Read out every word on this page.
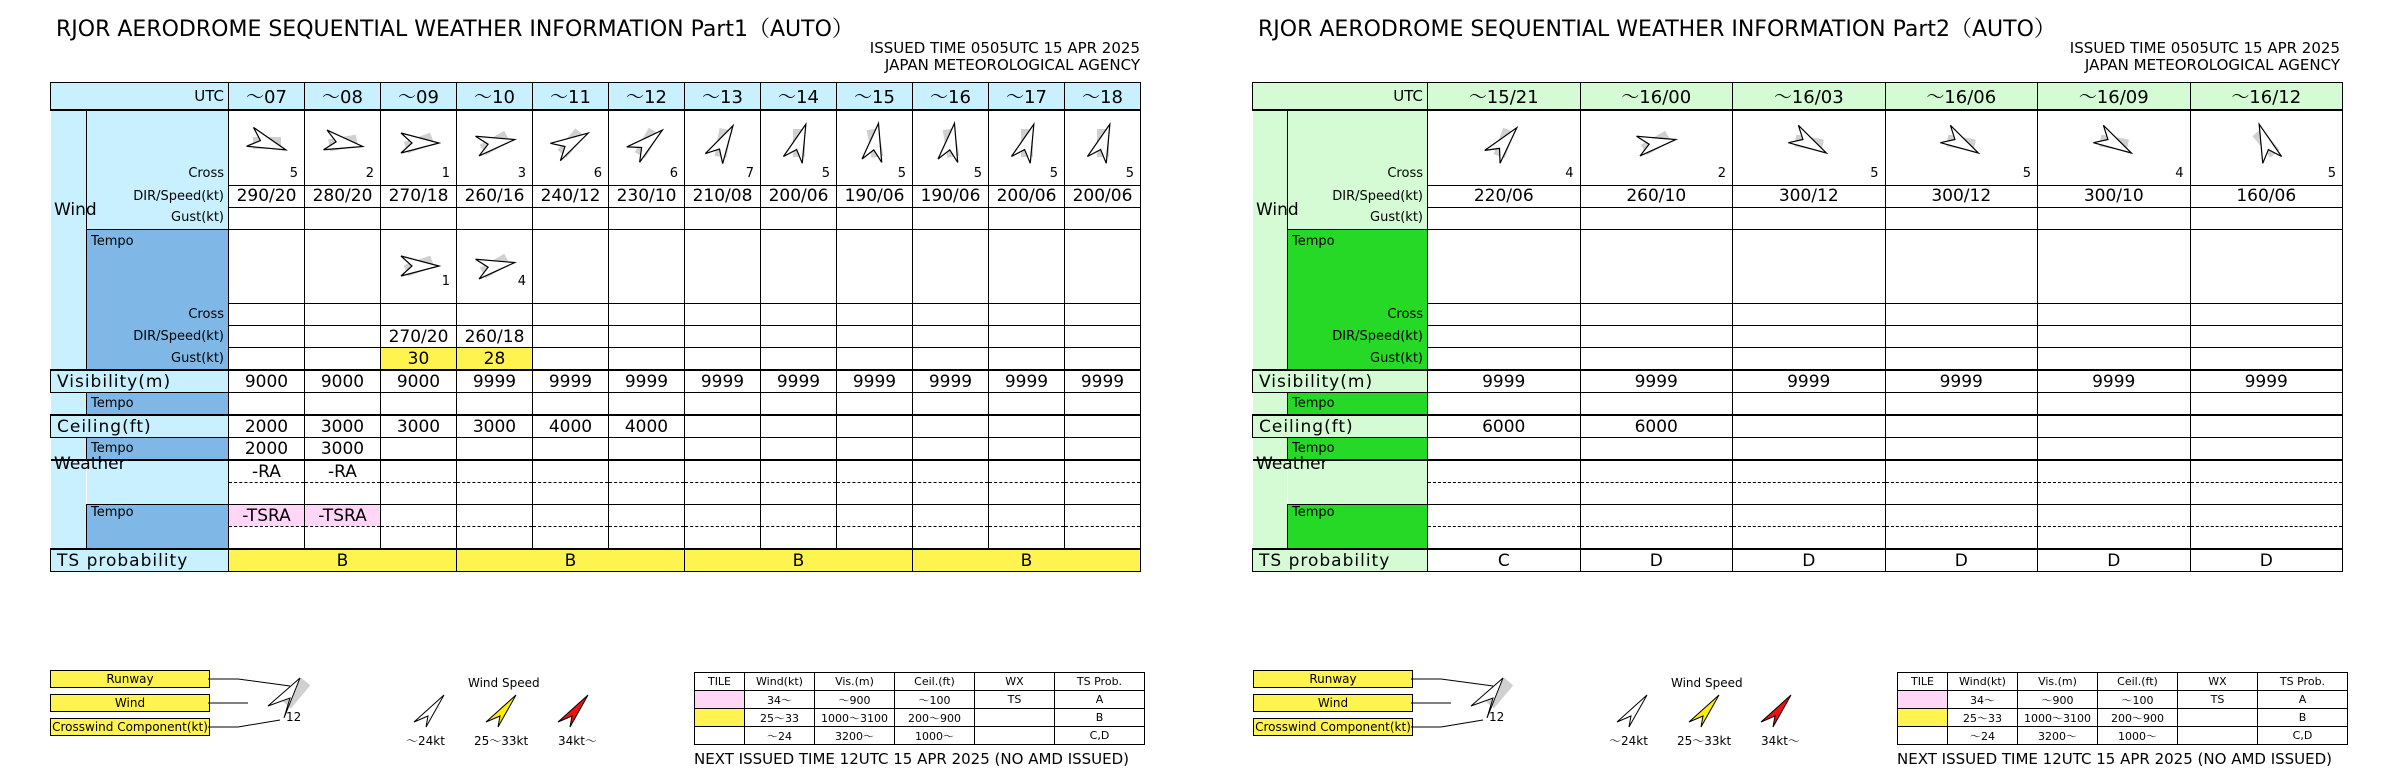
RJOR AERODROME SEQUENTIAL WEATHER INFORMATION Part1（AUTO）
ISSUED TIME 0505UTC 15 APR 2025
JAPAN METEOROLOGICAL AGENCY
UTC		～07	～08	～09	～10	～11	～12	～13	～14	～15	～16	～17	～18
	Cross	5	2	1	3	6	6	7	5	5	5	5	5

	DIR/Speed(kt)	290/20	280/20	270/18	260/16	240/12	230/10	210/08	200/06	190/06	190/06	200/06	200/06
	Gust(kt)												
	Tempo			1	4								

	Cross												
	DIR/Speed(kt)			270/20	260/18								
	Gust(kt)			30	28								
Visibility(m)		9000	9000	9000	9999	9999	9999	9999	9999	9999	9999	9999	9999
	Tempo												
Ceiling(ft)		2000	3000	3000	3000	4000	4000						
	Tempo	2000	3000										
		-RA	-RA										

	Tempo	-TSRA	-TSRA										

TS probability		B			B			B			B		
Wind
Weather
RJOR AERODROME SEQUENTIAL WEATHER INFORMATION Part2（AUTO）
ISSUED TIME 0505UTC 15 APR 2025
JAPAN METEOROLOGICAL AGENCY
UTC		～15/21	～16/00	～16/03	～16/06	～16/09	～16/12
	Cross	4	2	5	5	4	5

	DIR/Speed(kt)	220/06	260/10	300/12	300/12	300/10	160/06
	Gust(kt)						
	Tempo						
	Cross						
	DIR/Speed(kt)						
	Gust(kt)						
Visibility(m)		9999	9999	9999	9999	9999	9999
	Tempo						
Ceiling(ft)		6000	6000				
	Tempo						

	Tempo						

TS probability		C	D	D	D	D	D
Wind
Weather
Runway
Wind
Crosswind Component(kt)
12
Wind Speed
～24kt 25～33kt 34kt～
TILE	Wind(kt)	Vis.(m)	Ceil.(ft)	WX	TS Prob.
	34～	～900	～100	TS	A
	25～33	1000～3100	200～900		B
	～24	3200～	1000～		C,D
NEXT ISSUED TIME 12UTC 15 APR 2025 (NO AMD ISSUED)
Runway
Wind
Crosswind Component(kt)
12
Wind Speed
～24kt 25～33kt 34kt～
TILE	Wind(kt)	Vis.(m)	Ceil.(ft)	WX	TS Prob.
	34～	～900	～100	TS	A
	25～33	1000～3100	200～900		B
	～24	3200～	1000～		C,D
NEXT ISSUED TIME 12UTC 15 APR 2025 (NO AMD ISSUED)
